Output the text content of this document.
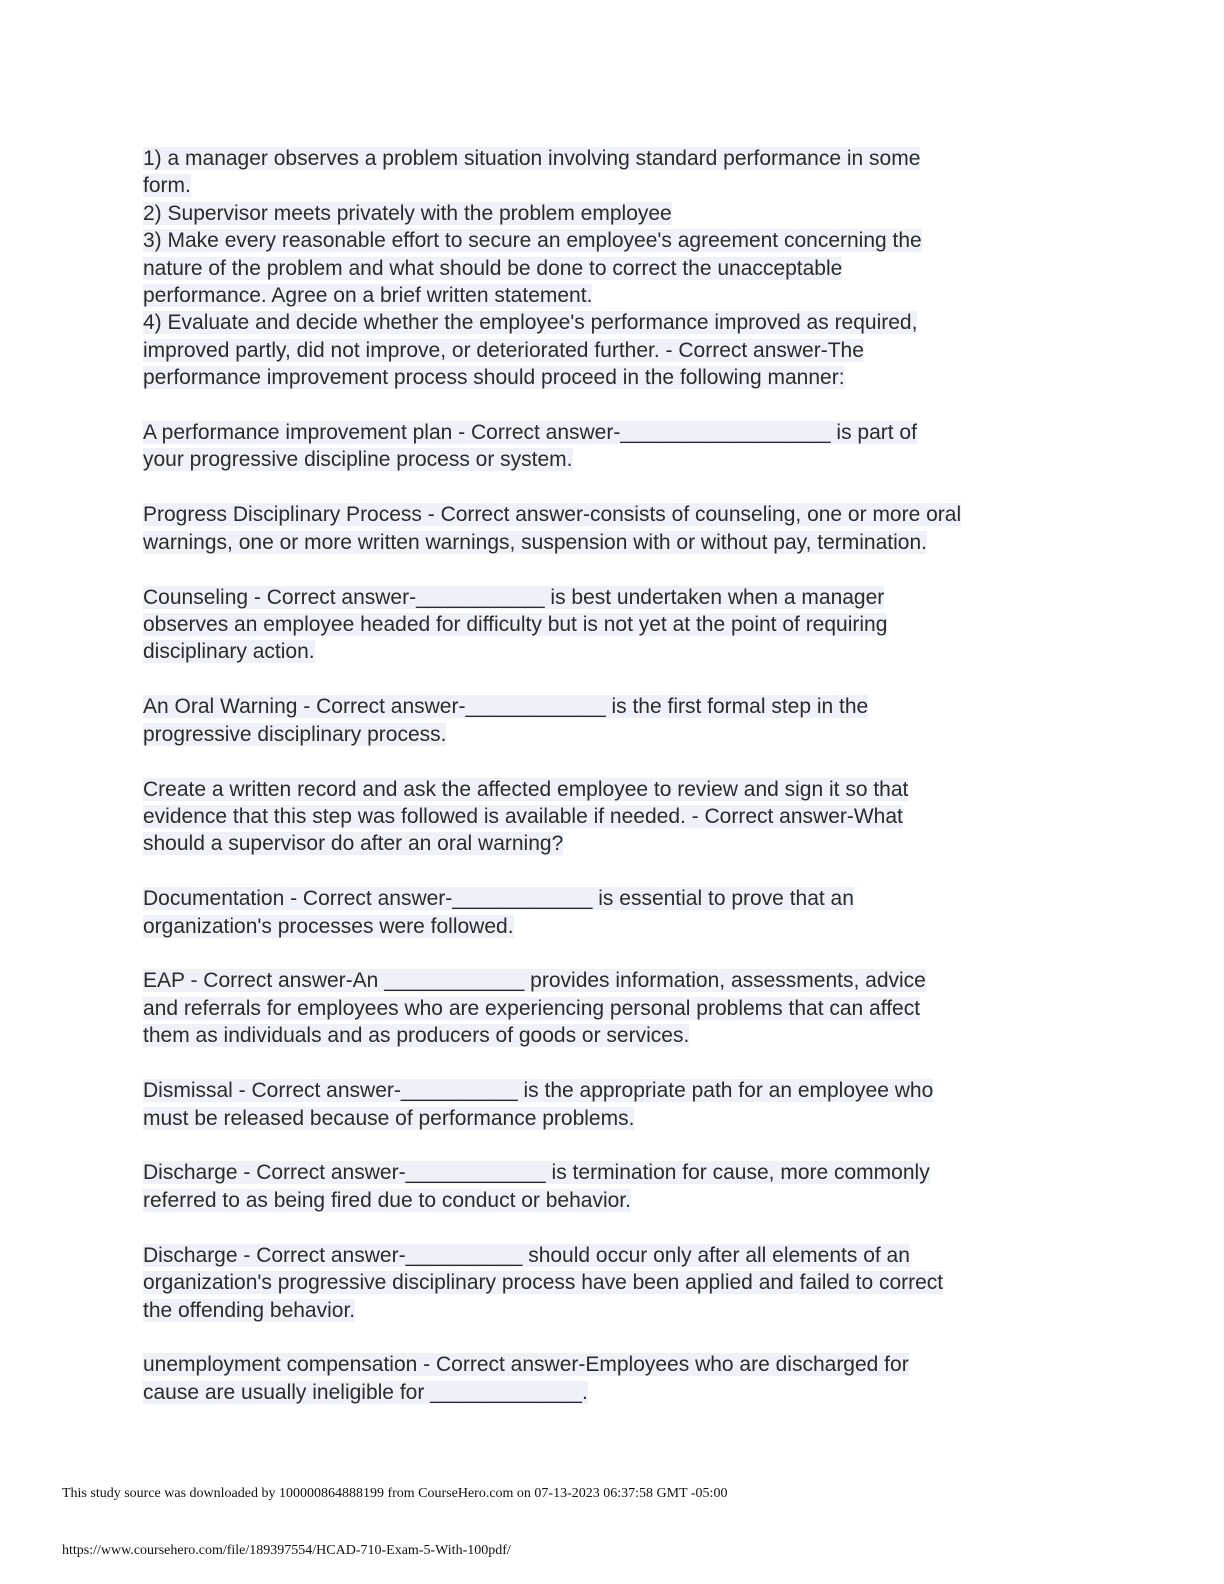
1) a manager observes a problem situation involving standard performance in some
form.
2) Supervisor meets privately with the problem employee
3) Make every reasonable effort to secure an employee's agreement concerning the
nature of the problem and what should be done to correct the unacceptable
performance. Agree on a brief written statement.
4) Evaluate and decide whether the employee's performance improved as required,
improved partly, did not improve, or deteriorated further. - Correct answer-The
performance improvement process should proceed in the following manner:
A performance improvement plan - Correct answer-__________________ is part of
your progressive discipline process or system.
Progress Disciplinary Process - Correct answer-consists of counseling, one or more oral
warnings, one or more written warnings, suspension with or without pay, termination.
Counseling - Correct answer-___________ is best undertaken when a manager
observes an employee headed for difficulty but is not yet at the point of requiring
disciplinary action.
An Oral Warning - Correct answer-____________ is the first formal step in the
progressive disciplinary process.
Create a written record and ask the affected employee to review and sign it so that
evidence that this step was followed is available if needed. - Correct answer-What
should a supervisor do after an oral warning?
Documentation - Correct answer-____________ is essential to prove that an
organization's processes were followed.
EAP - Correct answer-An ____________ provides information, assessments, advice
and referrals for employees who are experiencing personal problems that can affect
them as individuals and as producers of goods or services.
Dismissal - Correct answer-__________ is the appropriate path for an employee who
must be released because of performance problems.
Discharge - Correct answer-____________ is termination for cause, more commonly
referred to as being fired due to conduct or behavior.
Discharge - Correct answer-__________ should occur only after all elements of an
organization's progressive disciplinary process have been applied and failed to correct
the offending behavior.
unemployment compensation - Correct answer-Employees who are discharged for
cause are usually ineligible for _____________.
This study source was downloaded by 100000864888199 from CourseHero.com on 07-13-2023 06:37:58 GMT -05:00
https://www.coursehero.com/file/189397554/HCAD-710-Exam-5-With-100pdf/
